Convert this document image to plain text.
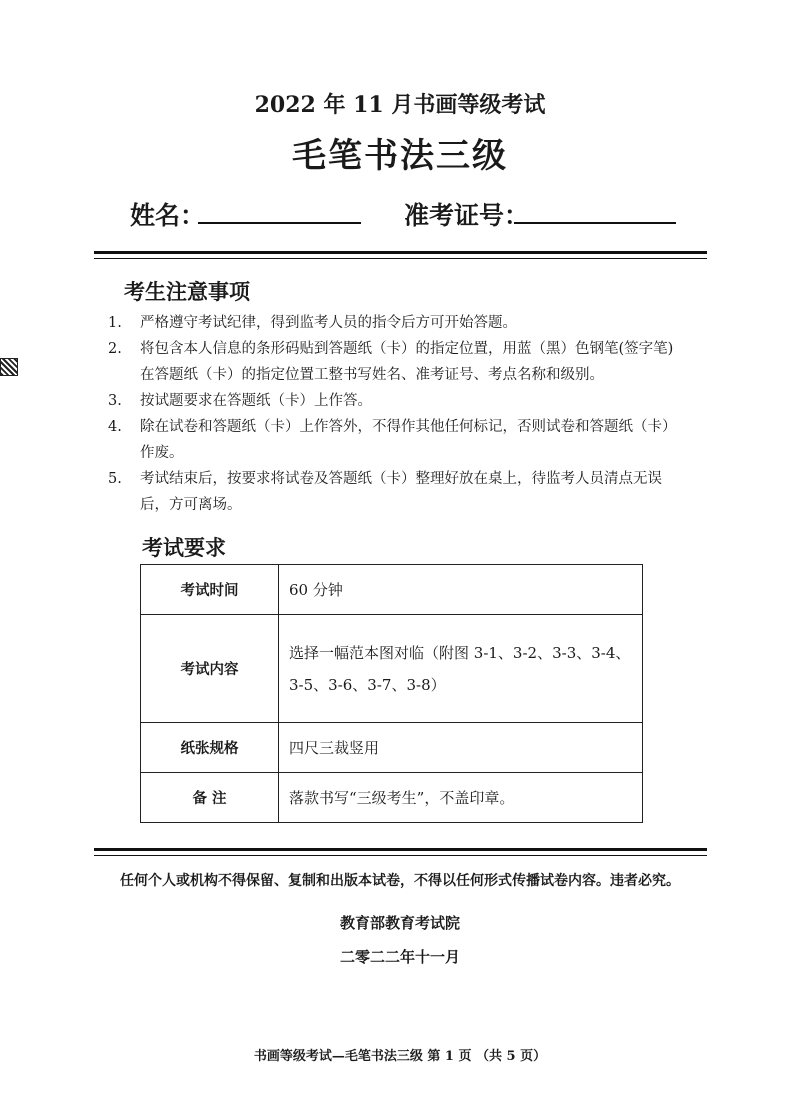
2022 年 11 月书画等级考试
毛笔书法三级
姓名：	准考证号：
考生注意事项
1. 严格遵守考试纪律，得到监考人员的指令后方可开始答题。
2. 将包含本人信息的条形码贴到答题纸（卡）的指定位置，用蓝（黑）色钢笔(签字笔) 在答题纸（卡）的指定位置工整书写姓名、准考证号、考点名称和级别。
3. 按试题要求在答题纸（卡）上作答。
4. 除在试卷和答题纸（卡）上作答外，不得作其他任何标记，否则试卷和答题纸（卡）作废。
5. 考试结束后，按要求将试卷及答题纸（卡）整理好放在桌上，待监考人员清点无误后，方可离场。
考试要求
考试时间	60 分钟
考试内容	选择一幅范本图对临（附图 3-1、3-2、3-3、3-4、3-5、3-6、3-7、3-8）
纸张规格	四尺三裁竖用
备 注	落款书写“三级考生”，不盖印章。
任何个人或机构不得保留、复制和出版本试卷，不得以任何形式传播试卷内容。违者必究。
教育部教育考试院
二零二二年十一月
书画等级考试—毛笔书法三级 第 1 页 （共 5 页）
